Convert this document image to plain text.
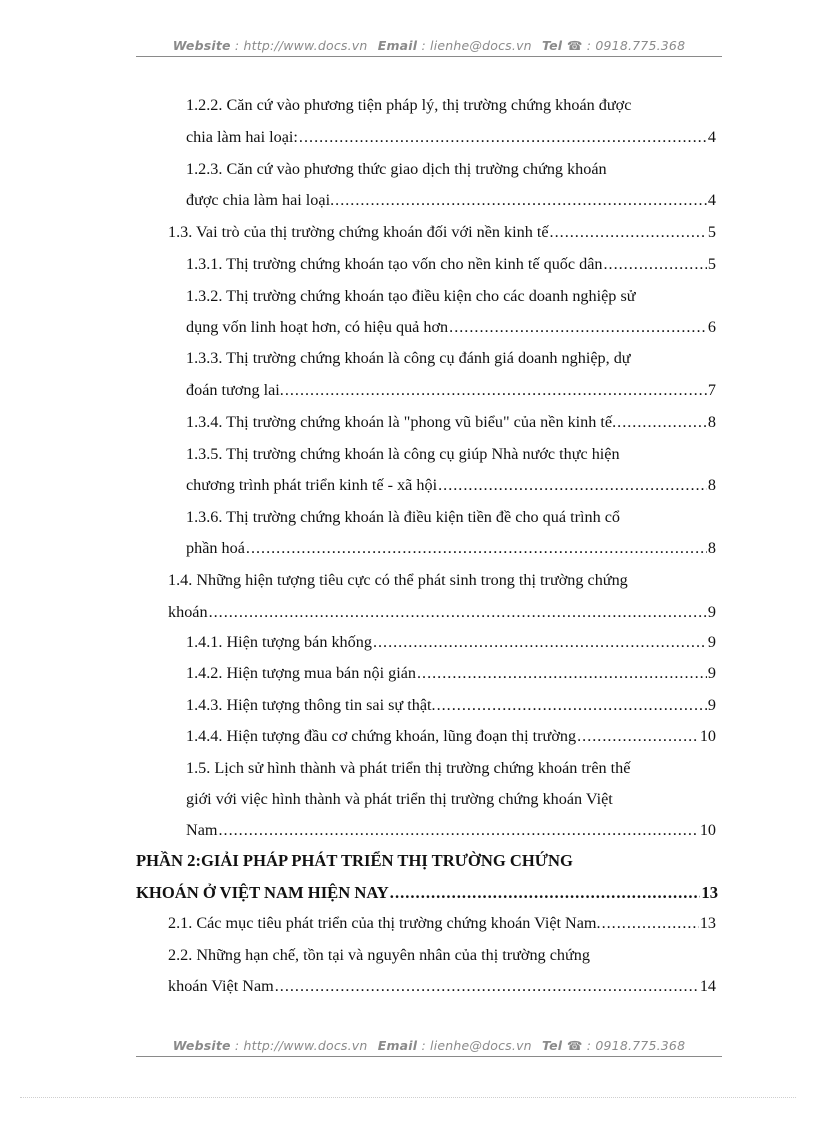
Website : http://www.docs.vn Email : lienhe@docs.vn Tel ☎ : 0918.775.368
1.2.2. Căn cứ vào phương tiện pháp lý, thị trường chứng khoán được
chia làm hai loại: .....	4
1.2.3. Căn cứ vào phương thức giao dịch thị trường chứng khoán
được chia làm hai loại. .....	4
1.3. Vai trò của thị trường chứng khoán đối với nền kinh tế .....	5
1.3.1. Thị trường chứng khoán tạo vốn cho nền kinh tế quốc dân .....	5
1.3.2. Thị trường chứng khoán tạo điều kiện cho các doanh nghiệp sử
dụng vốn linh hoạt hơn, có hiệu quả hơn .....	6
1.3.3. Thị trường chứng khoán là công cụ đánh giá doanh nghiệp, dự
đoán tương lai. .....	7
1.3.4. Thị trường chứng khoán là "phong vũ biểu" của nền kinh tế. .....	8
1.3.5. Thị trường chứng khoán là công cụ giúp Nhà nước thực hiện
chương trình phát triển kinh tế - xã hội .....	8
1.3.6. Thị trường chứng khoán là điều kiện tiền đề cho quá trình cổ
phần hoá .....	8
1.4. Những hiện tượng tiêu cực có thể phát sinh trong thị trường chứng
khoán .....	9
1.4.1. Hiện tượng bán khống .....	9
1.4.2. Hiện tượng mua bán nội gián .....	9
1.4.3. Hiện tượng thông tin sai sự thật. .....	9
1.4.4. Hiện tượng đầu cơ chứng khoán, lũng đoạn thị trường .....	10
1.5. Lịch sử hình thành và phát triển thị trường chứng khoán trên thế
giới với việc hình thành và phát triển thị trường chứng khoán Việt
Nam .....	10
PHẦN 2:GIẢI PHÁP PHÁT TRIỂN THỊ TRƯỜNG CHỨNG
KHOÁN Ở VIỆT NAM HIỆN NAY .....	13
2.1. Các mục tiêu phát triển của thị trường chứng khoán Việt Nam. .....	13
2.2. Những hạn chế, tồn tại và nguyên nhân của thị trường chứng
khoán Việt Nam .....	14
Website : http://www.docs.vn Email : lienhe@docs.vn Tel ☎ : 0918.775.368
